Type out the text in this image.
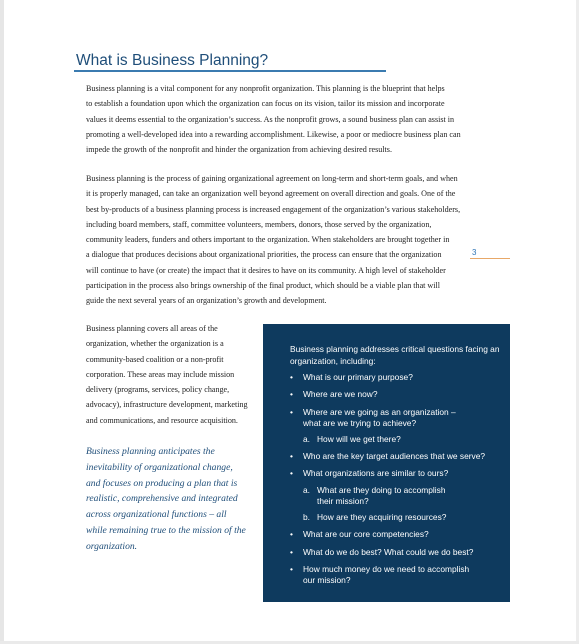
What is Business Planning?
Business planning is a vital component for any nonprofit organization. This planning is the blueprint that helps
to establish a foundation upon which the organization can focus on its vision, tailor its mission and incorporate
values it deems essential to the organization’s success. As the nonprofit grows, a sound business plan can assist in
promoting a well-developed idea into a rewarding accomplishment. Likewise, a poor or mediocre business plan can
impede the growth of the nonprofit and hinder the organization from achieving desired results.
Business planning is the process of gaining organizational agreement on long-term and short-term goals, and when
it is properly managed, can take an organization well beyond agreement on overall direction and goals. One of the
best by-products of a business planning process is increased engagement of the organization’s various stakeholders,
including board members, staff, committee volunteers, members, donors, those served by the organization,
community leaders, funders and others important to the organization. When stakeholders are brought together in
a dialogue that produces decisions about organizational priorities, the process can ensure that the organization
will continue to have (or create) the impact that it desires to have on its community. A high level of stakeholder
participation in the process also brings ownership of the final product, which should be a viable plan that will
guide the next several years of an organization’s growth and development.
3
Business planning covers all areas of the
organization, whether the organization is a
community-based coalition or a non-profit
corporation. These areas may include mission
delivery (programs, services, policy change,
advocacy), infrastructure development, marketing
and communications, and resource acquisition.
Business planning anticipates the
inevitability of organizational change,
and focuses on producing a plan that is
realistic, comprehensive and integrated
across organizational functions – all
while remaining true to the mission of the
organization.
Business planning addresses critical questions facing an organization, including:
• What is our primary purpose?
• Where are we now?
• Where are we going as an organization –
what are we trying to achieve?
a. How will we get there?
• Who are the key target audiences that we serve?
• What organizations are similar to ours?
a. What are they doing to accomplish
their mission?
b. How are they acquiring resources?
• What are our core competencies?
• What do we do best? What could we do best?
• How much money do we need to accomplish
our mission?
